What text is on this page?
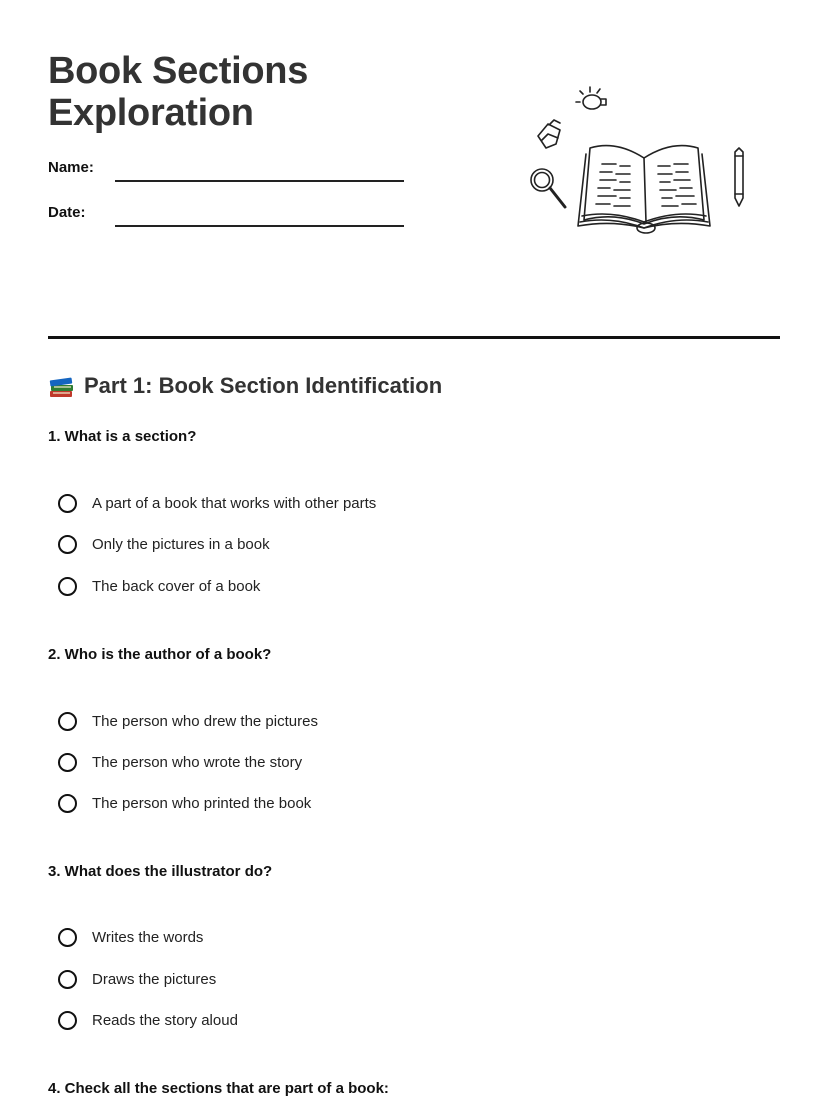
Book Sections
Exploration
Name:
Date:
Part 1: Book Section Identification
1. What is a section?
A part of a book that works with other parts
Only the pictures in a book
The back cover of a book
2. Who is the author of a book?
The person who drew the pictures
The person who wrote the story
The person who printed the book
3. What does the illustrator do?
Writes the words
Draws the pictures
Reads the story aloud
4. Check all the sections that are part of a book:
